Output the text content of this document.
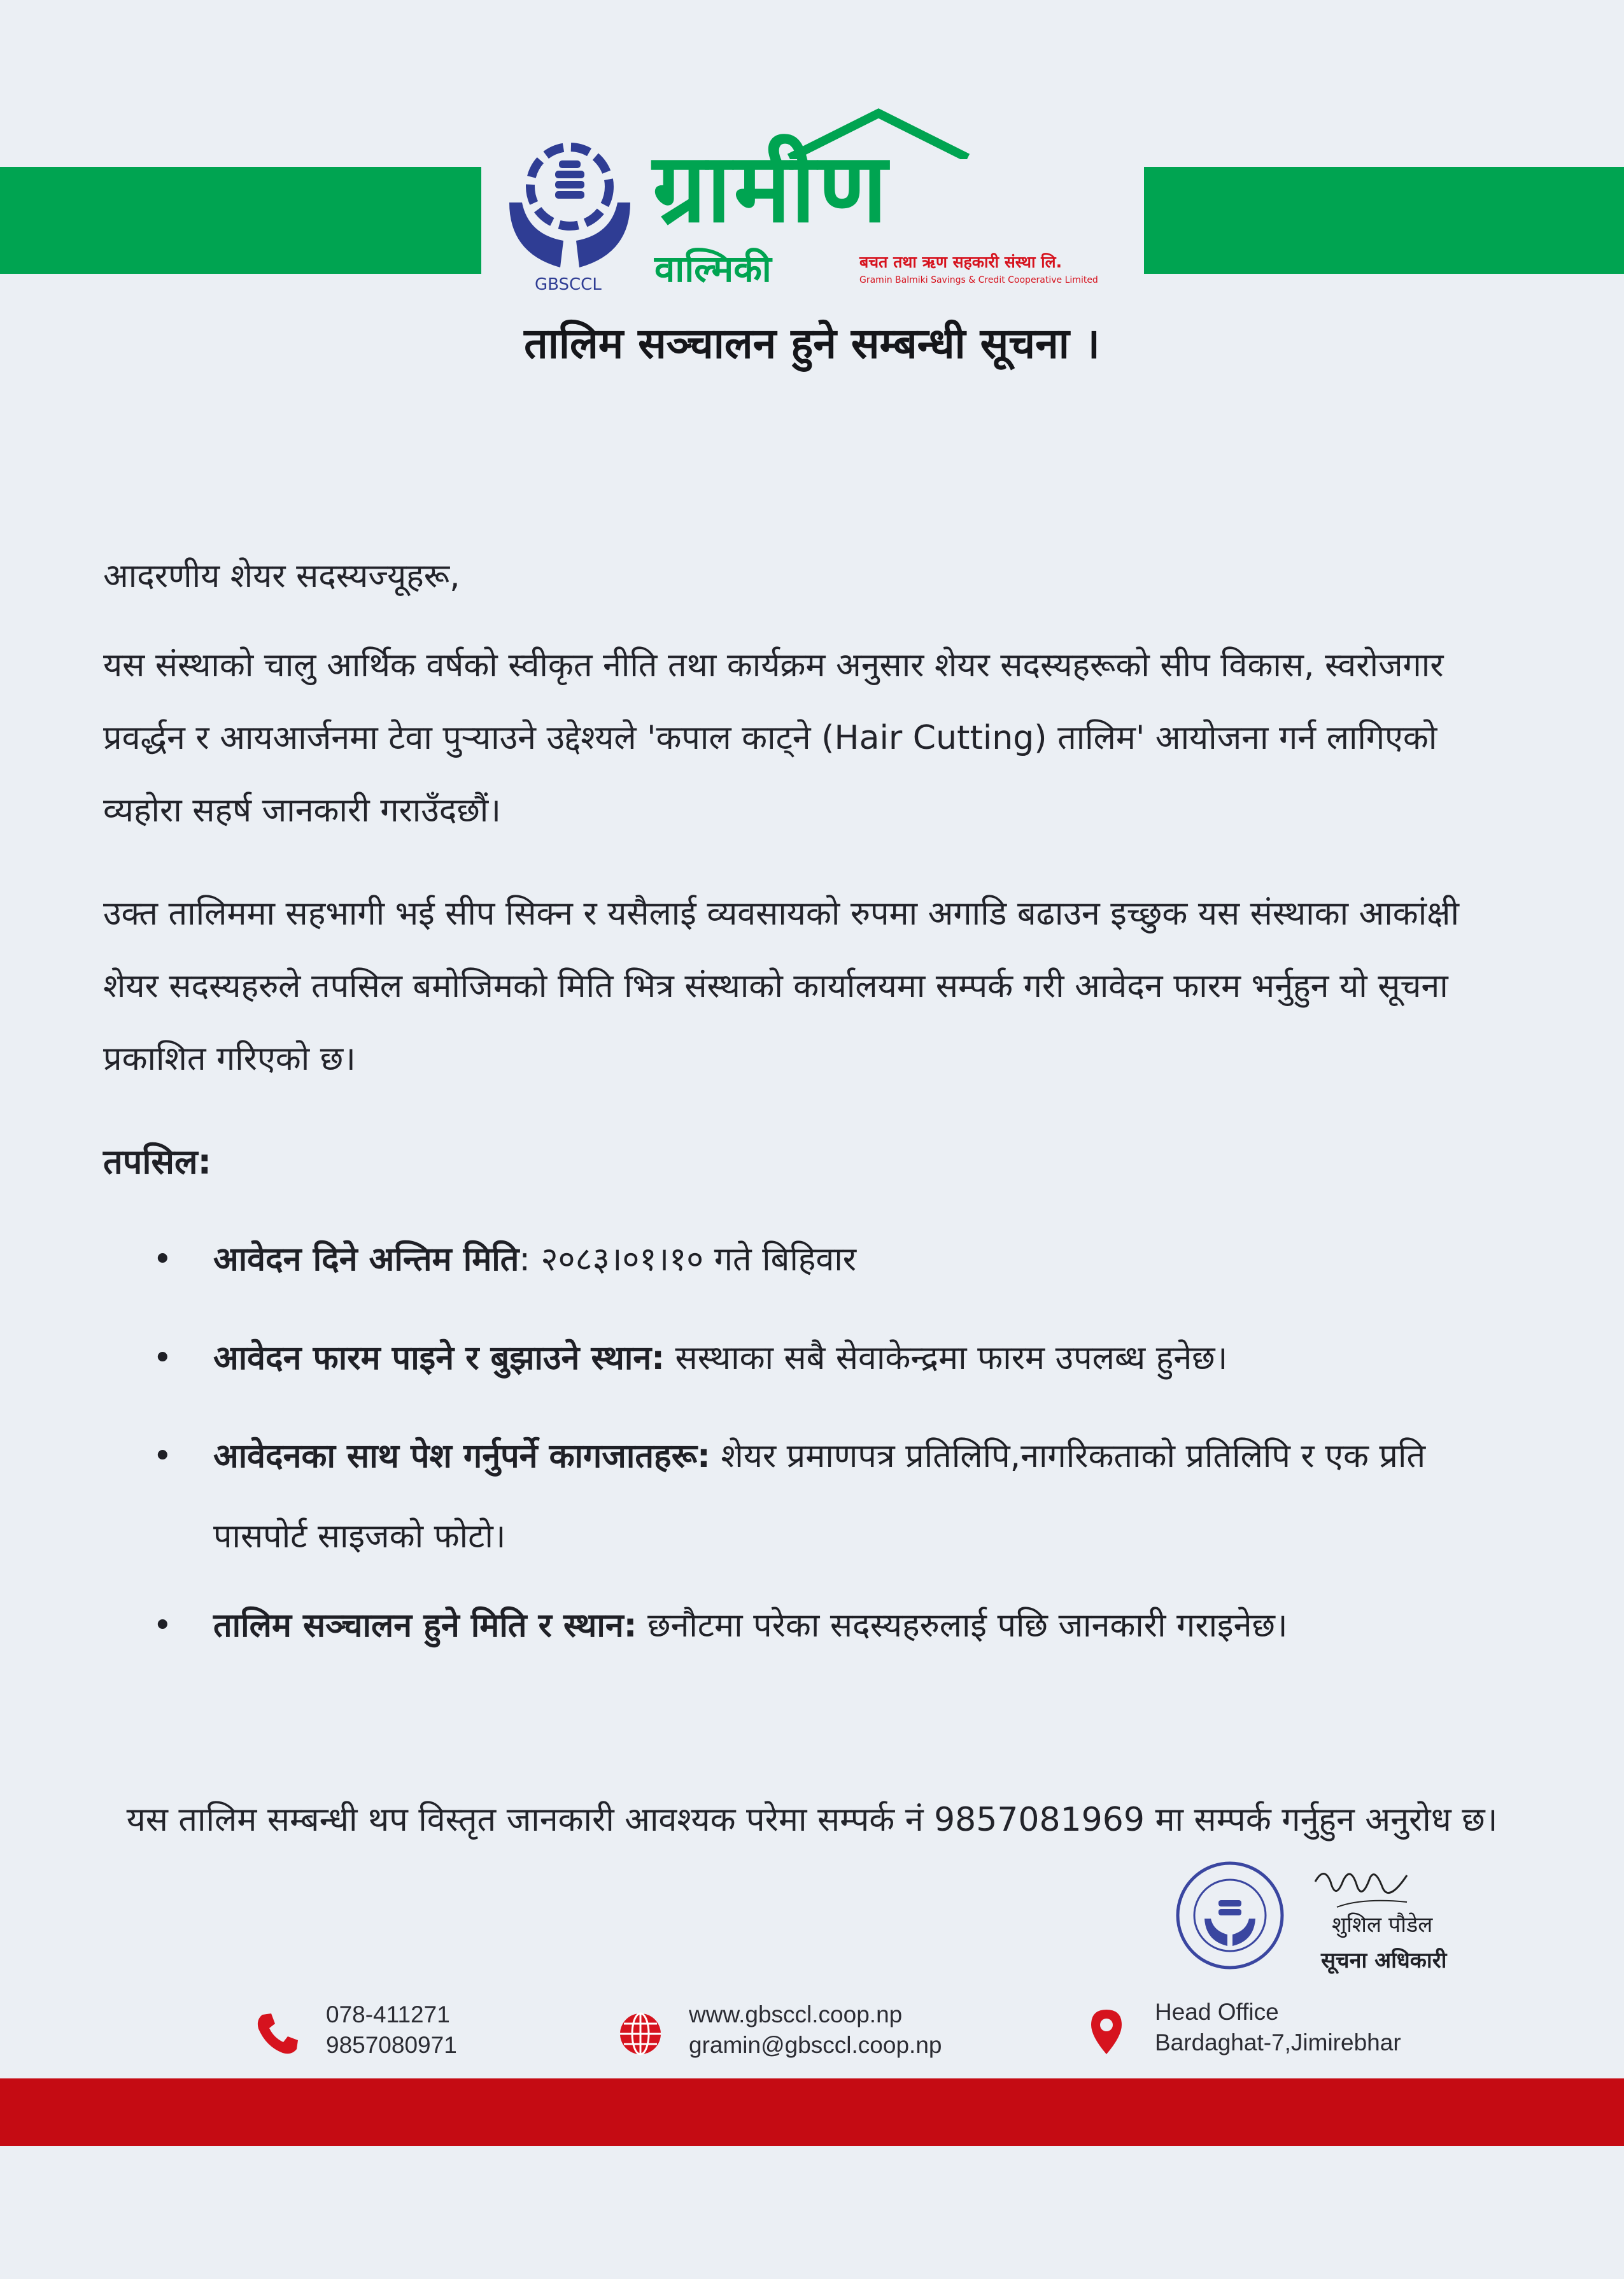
ग्रामीण
वाल्मिकी	बचत तथा ऋण सहकारी संस्था लि.
Gramin Balmiki Savings & Credit Cooperative Limited
GBSCCL
तालिम सञ्चालन हुने सम्बन्धी सूचना ।
आदरणीय शेयर सदस्यज्यूहरू,
यस संस्थाको चालु आर्थिक वर्षको स्वीकृत नीति तथा कार्यक्रम अनुसार शेयर सदस्यहरूको सीप विकास, स्वरोजगार प्रवर्द्धन र आयआर्जनमा टेवा पुर्‍याउने उद्देश्यले 'कपाल काट्ने (Hair Cutting) तालिम' आयोजना गर्न लागिएको व्यहोरा सहर्ष जानकारी गराउँदछौं।
उक्त तालिममा सहभागी भई सीप सिक्न र यसैलाई व्यवसायको रुपमा अगाडि बढाउन इच्छुक यस संस्थाका आकांक्षी शेयर सदस्यहरुले तपसिल बमोजिमको मिति भित्र संस्थाको कार्यालयमा सम्पर्क गरी आवेदन फारम भर्नुहुन यो सूचना प्रकाशित गरिएको छ।
तपसिल:
• आवेदन दिने अन्तिम मिति: २०८३।०१।१० गते बिहिवार
• आवेदन फारम पाइने र बुझाउने स्थान: सस्थाका सबै सेवाकेन्द्रमा फारम उपलब्ध हुनेछ।
• आवेदनका साथ पेश गर्नुपर्ने कागजातहरू: शेयर प्रमाणपत्र प्रतिलिपि,नागरिकताको प्रतिलिपि र एक प्रति पासपोर्ट साइजको फोटो।
• तालिम सञ्चालन हुने मिति र स्थान: छनौटमा परेका सदस्यहरुलाई पछि जानकारी गराइनेछ।
यस तालिम सम्बन्धी थप विस्तृत जानकारी आवश्यक परेमा सम्पर्क नं 9857081969 मा सम्पर्क गर्नुहुन अनुरोध छ।
शुशिल पौडेल
सूचना अधिकारी
078-411271
9857080971
www.gbsccl.coop.np
gramin@gbsccl.coop.np
Head Office
Bardaghat-7,Jimirebhar
